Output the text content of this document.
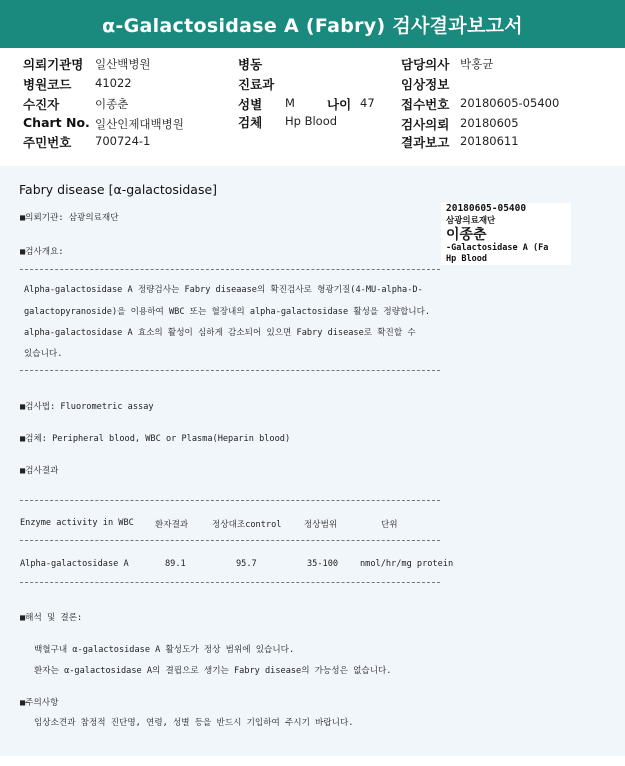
α-Galactosidase A (Fabry) 검사결과보고서
의뢰기관명 일산백병원
병원코드 41022
수진자	이종춘
Chart No. 일산인제대백병원
주민번호 700724-1
병동
진료과
성별 M	나이 47
검체 Hp Blood
담당의사 박홍균
임상정보
접수번호 20180605-05400
검사의뢰 20180605
결과보고 20180611
Fabry disease [α-galactosidase]
20180605-05400
삼광의료재단
이종춘
-Galactosidase A (Fa
Hp Blood
■의뢰기관: 삼광의료재단
■검사개요:
Alpha-galactosidase A 정량검사는 Fabry diseaase의 확진검사로 형광기질(4-MU-alpha-D-
galactopyranoside)을 이용하여 WBC 또는 혈장내의 alpha-galactosidase 활성을 정량합니다.
alpha-galactosidase A 효소의 활성이 심하게 감소되어 있으면 Fabry disease로 확진할 수
있습니다.
■검사법: Fluorometric assay
■검체: Peripheral blood, WBC or Plasma(Heparin blood)
■검사결과
Enzyme activity in WBC 환자결과	정상대조control	정상범위	단위
Alpha-galactosidase A	89.1	95.7	35-100	nmol/hr/mg protein
■해석 및 결론:
백혈구내 α-galactosidase A 활성도가 정상 범위에 있습니다.
환자는 α-galactosidase A의 결핍으로 생기는 Fabry disease의 가능성은 없습니다.
■주의사항
임상소견과 참정적 진단명, 연령, 성별 등을 반드시 기입하여 주시기 바랍니다.
